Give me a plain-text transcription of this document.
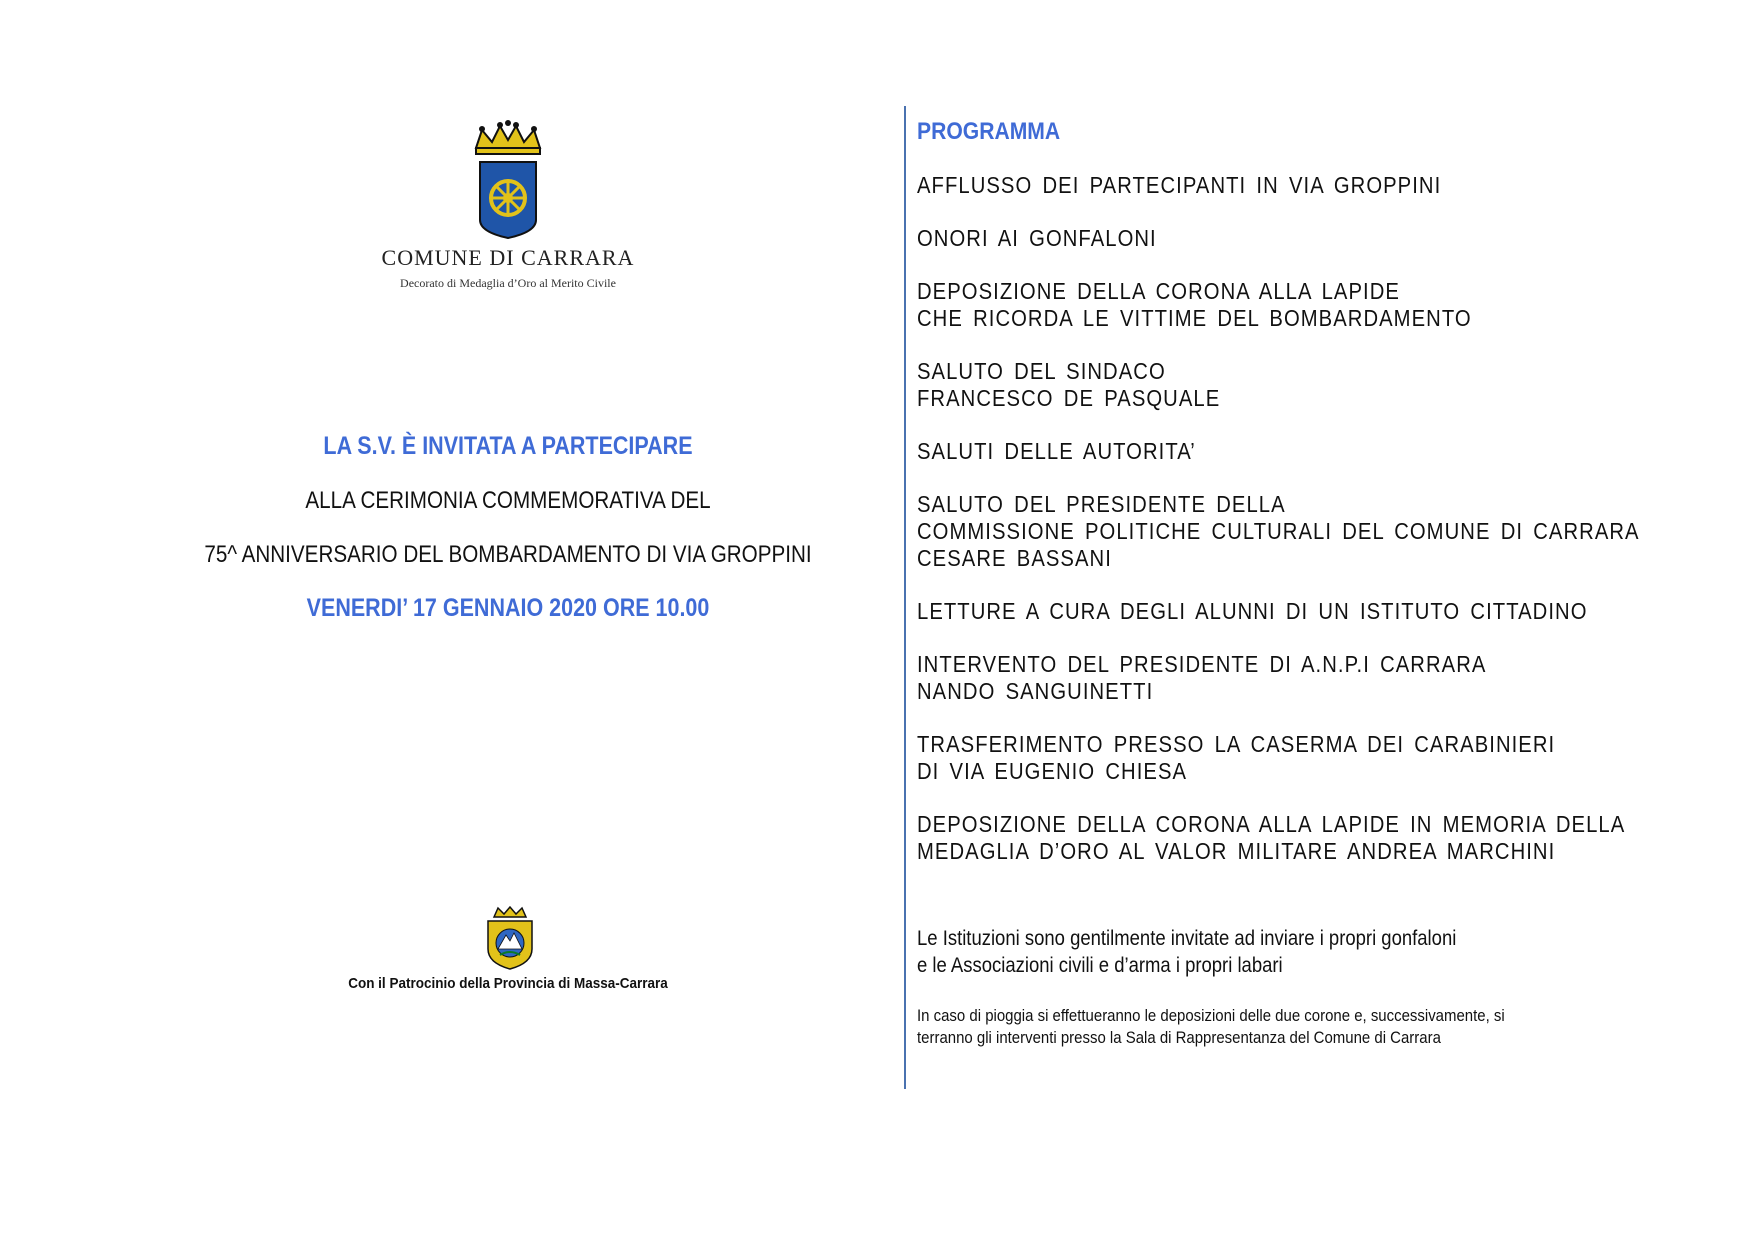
COMUNE DI CARRARA
Decorato di Medaglia d’Oro al Merito Civile
LA S.V. È INVITATA A PARTECIPARE
ALLA CERIMONIA COMMEMORATIVA DEL
75^ ANNIVERSARIO DEL BOMBARDAMENTO DI VIA GROPPINI
VENERDI’ 17 GENNAIO 2020 ORE 10.00
Con il Patrocinio della Provincia di Massa-Carrara
PROGRAMMA
AFFLUSSO DEI PARTECIPANTI IN VIA GROPPINI
ONORI AI GONFALONI
DEPOSIZIONE DELLA CORONA ALLA LAPIDE
CHE RICORDA LE VITTIME DEL BOMBARDAMENTO
SALUTO DEL SINDACO
FRANCESCO DE PASQUALE
SALUTI DELLE AUTORITA’
SALUTO DEL PRESIDENTE DELLA
COMMISSIONE POLITICHE CULTURALI DEL COMUNE DI CARRARA
CESARE BASSANI
LETTURE A CURA DEGLI ALUNNI DI UN ISTITUTO CITTADINO
INTERVENTO DEL PRESIDENTE DI A.N.P.I CARRARA
NANDO SANGUINETTI
TRASFERIMENTO PRESSO LA CASERMA DEI CARABINIERI
DI VIA EUGENIO CHIESA
DEPOSIZIONE DELLA CORONA ALLA LAPIDE IN MEMORIA DELLA
MEDAGLIA D’ORO AL VALOR MILITARE ANDREA MARCHINI
Le Istituzioni sono gentilmente invitate ad inviare i propri gonfaloni
e le Associazioni civili e d’arma i propri labari
In caso di pioggia si effettueranno le deposizioni delle due corone e, successivamente, si
terranno gli interventi presso la Sala di Rappresentanza del Comune di Carrara
